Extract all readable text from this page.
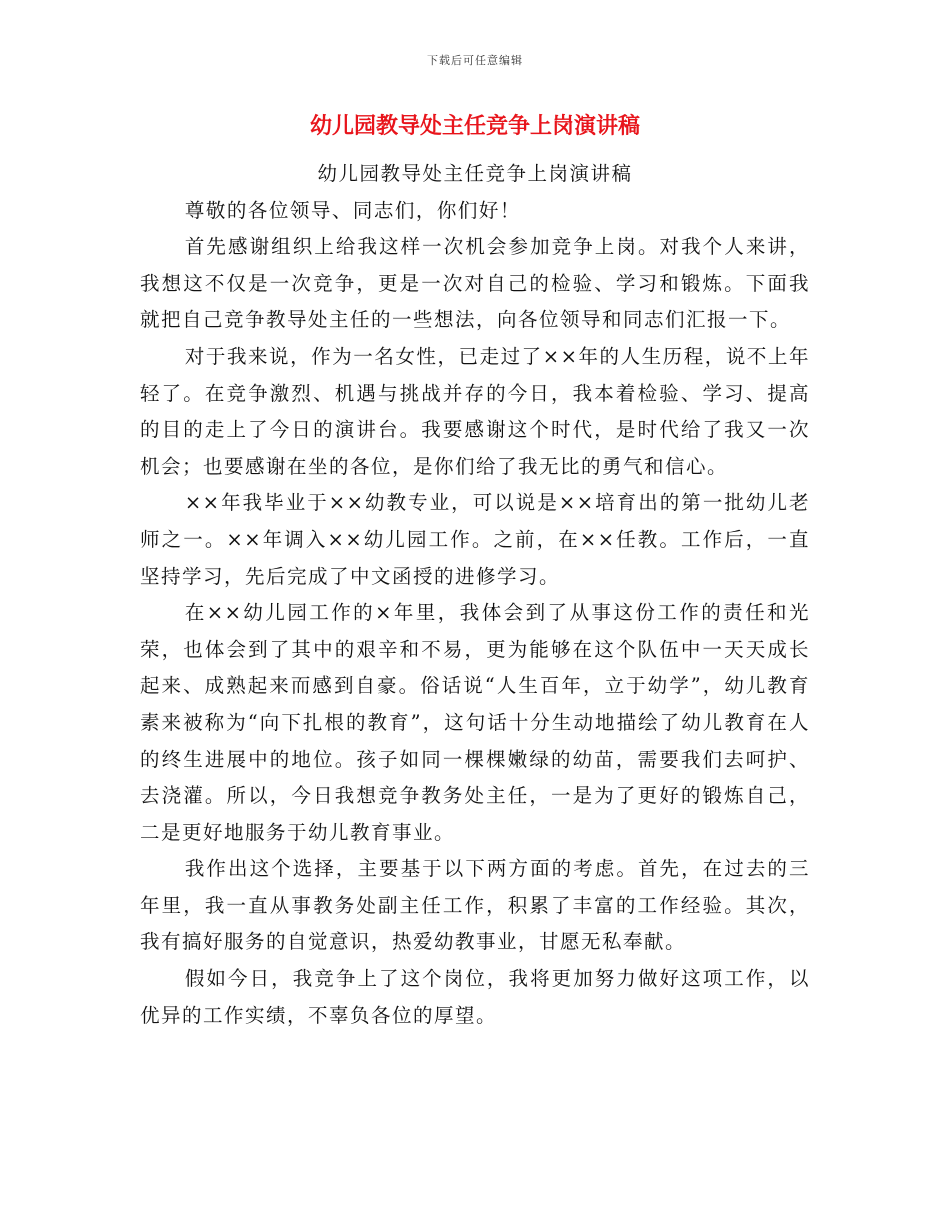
下载后可任意编辑
幼儿园教导处主任竞争上岗演讲稿

幼儿园教导处主任竞争上岗演讲稿

尊敬的各位领导、同志们，你们好！

首先感谢组织上给我这样一次机会参加竞争上岗。对我个人来讲，我想这不仅是一次竞争，更是一次对自己的检验、学习和锻炼。下面我就把自己竞争教导处主任的一些想法，向各位领导和同志们汇报一下。

对于我来说，作为一名女性，已走过了××年的人生历程，说不上年轻了。在竞争激烈、机遇与挑战并存的今日，我本着检验、学习、提高的目的走上了今日的演讲台。我要感谢这个时代，是时代给了我又一次机会；也要感谢在坐的各位，是你们给了我无比的勇气和信心。

××年我毕业于××幼教专业，可以说是××培育出的第一批幼儿老师之一。××年调入××幼儿园工作。之前，在××任教。工作后，一直坚持学习，先后完成了中文函授的进修学习。

在××幼儿园工作的×年里，我体会到了从事这份工作的责任和光荣，也体会到了其中的艰辛和不易，更为能够在这个队伍中一天天成长起来、成熟起来而感到自豪。俗话说“人生百年，立于幼学”，幼儿教育素来被称为“向下扎根的教育”，这句话十分生动地描绘了幼儿教育在人的终生进展中的地位。孩子如同一棵棵嫩绿的幼苗，需要我们去呵护、去浇灌。所以，今日我想竞争教务处主任，一是为了更好的锻炼自己，二是更好地服务于幼儿教育事业。

我作出这个选择，主要基于以下两方面的考虑。首先，在过去的三年里，我一直从事教务处副主任工作，积累了丰富的工作经验。其次，我有搞好服务的自觉意识，热爱幼教事业，甘愿无私奉献。

假如今日，我竞争上了这个岗位，我将更加努力做好这项工作，以优异的工作实绩，不辜负各位的厚望。
